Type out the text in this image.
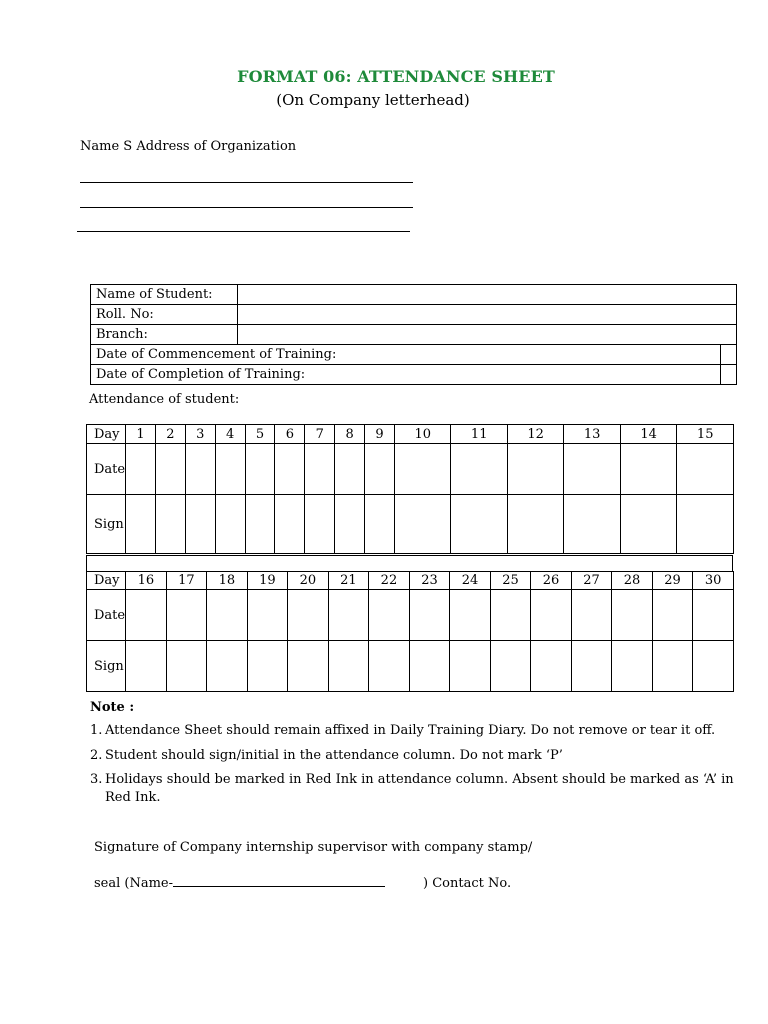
FORMAT 06: ATTENDANCE SHEET
(On Company letterhead)
Name S Address of Organization
Name of Student:		
Roll. No:		
Branch:		
Date of Commencement of Training:		
Date of Completion of Training:		
Attendance of student:
Day	1	2	3	4	5	6	7	8	9	10	11	12	13	14	15
Date															
Sign															
Day	16	17	18	19	20	21	22	23	24	25	26	27	28	29	30
Date															
Sign															
Note :
1. Attendance Sheet should remain affixed in Daily Training Diary. Do not remove or tear it off.
2. Student should sign/initial in the attendance column. Do not mark ‘P’
3. Holidays should be marked in Red Ink in attendance column. Absent should be marked as ‘A’ in Red Ink.
Signature of Company internship supervisor with company stamp/
seal (Name-	) Contact No.
